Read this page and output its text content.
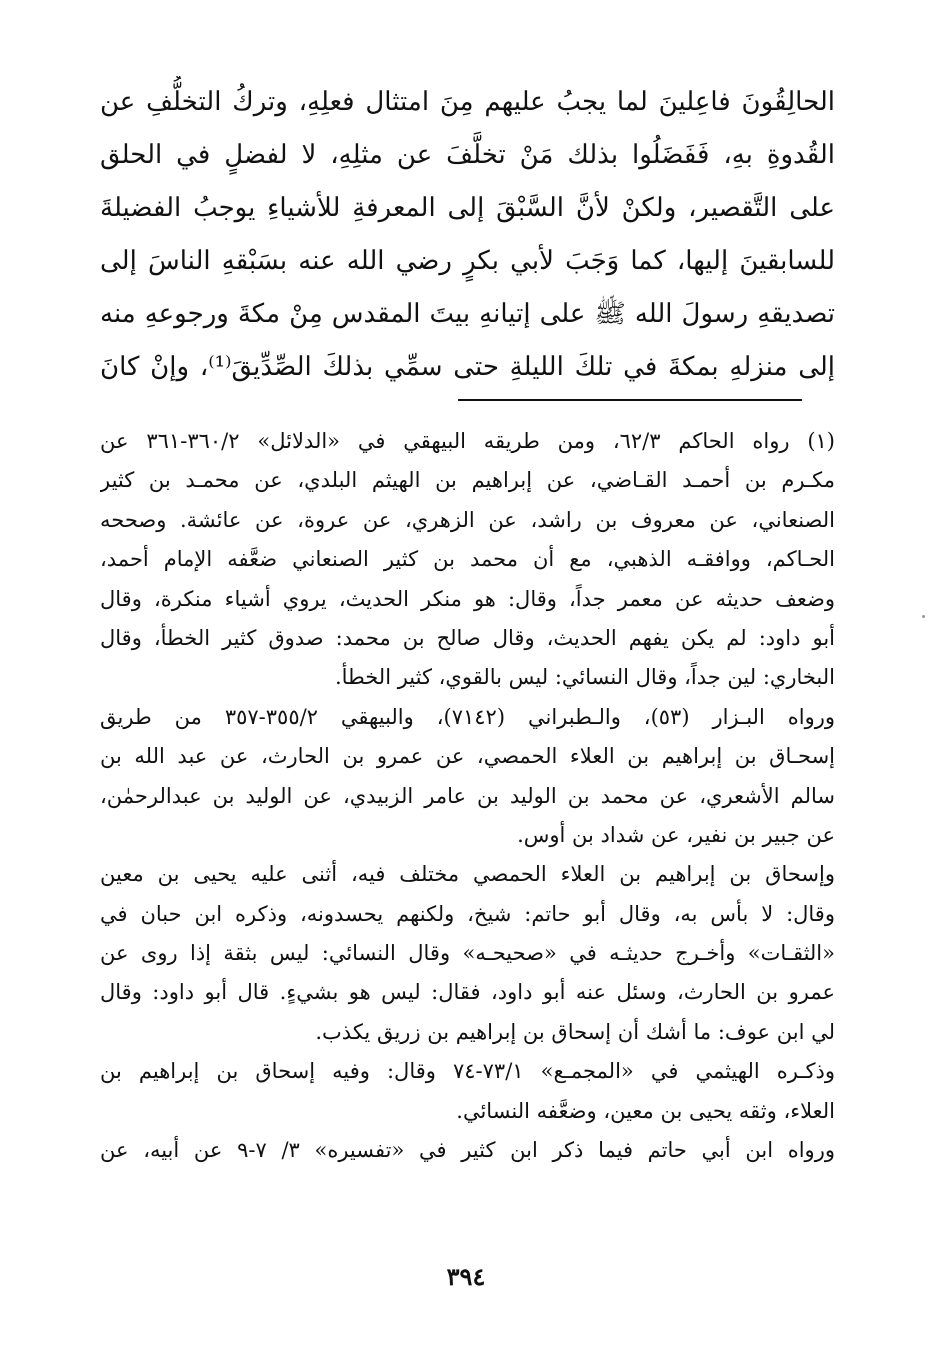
الحالِقُونَ فاعِلينَ لما يجبُ عليهم مِنَ امتثال فعلِهِ، وتركُ التخلُّفِ عن
القُدوةِ بهِ، فَفَضَلُوا بذلك مَنْ تخلَّفَ عن مثلِهِ، لا لفضلٍ في الحلق
على التَّقصير، ولكنْ لأنَّ السَّبْقَ إلى المعرفةِ للأشياءِ يوجبُ الفضيلةَ
للسابقينَ إليها، كما وَجَبَ لأبي بكرٍ رضي الله عنه بسَبْقهِ الناسَ إلى
تصديقهِ رسولَ الله ﷺ على إتيانهِ بيتَ المقدس مِنْ مكةَ ورجوعهِ منه
إلى منزلهِ بمكةَ في تلكَ الليلةِ حتى سمِّي بذلكَ الصِّدِّيقَ⁽¹⁾، وإنْ كانَ
(١) رواه الحاكم ٦٢/٣، ومن طريقه البيهقي في «الدلائل» ٣٦٠/٢-٣٦١ عن
مكـرم بن أحمـد القـاضي، عن إبراهيم بن الهيثم البلدي، عن محمـد بن كثير
الصنعاني، عن معروف بن راشد، عن الزهري، عن عروة، عن عائشة. وصححه
الحـاكم، ووافقـه الذهبي، مع أن محمد بن كثير الصنعاني ضعَّفه الإمام أحمد،
وضعف حديثه عن معمر جداً، وقال: هو منكر الحديث، يروي أشياء منكرة، وقال
أبو داود: لم يكن يفهم الحديث، وقال صالح بن محمد: صدوق كثير الخطأ، وقال
البخاري: لين جداً، وقال النسائي: ليس بالقوي، كثير الخطأ.
ورواه البـزار (٥٣)، والـطبراني (٧١٤٢)، والبيهقي ٣٥٥/٢-٣٥٧ من طريق
إسحـاق بن إبراهيم بن العلاء الحمصي، عن عمرو بن الحارث، عن عبد الله بن
سالم الأشعري، عن محمد بن الوليد بن عامر الزبيدي، عن الوليد بن عبدالرحمٰن،
عن جبير بن نفير، عن شداد بن أوس.
وإسحاق بن إبراهيم بن العلاء الحمصي مختلف فيه، أثنى عليه يحيى بن معين
وقال: لا بأس به، وقال أبو حاتم: شيخ، ولكنهم يحسدونه، وذكره ابن حبان في
«الثقـات» وأخـرج حديثـه في «صحيحـه» وقال النسائي: ليس بثقة إذا روى عن
عمرو بن الحارث، وسئل عنه أبو داود، فقال: ليس هو بشيءٍ. قال أبو داود: وقال
لي ابن عوف: ما أشك أن إسحاق بن إبراهيم بن زريق يكذب.
وذكـره الهيثمي في «المجمـع» ٧٣/١-٧٤ وقال: وفيه إسحاق بن إبراهيم بن
العلاء، وثقه يحيى بن معين، وضعَّفه النسائي.
ورواه ابن أبي حاتم فيما ذكر ابن كثير في «تفسيره» ٣/ ٧-٩ عن أبيه، عن
٣٩٤
